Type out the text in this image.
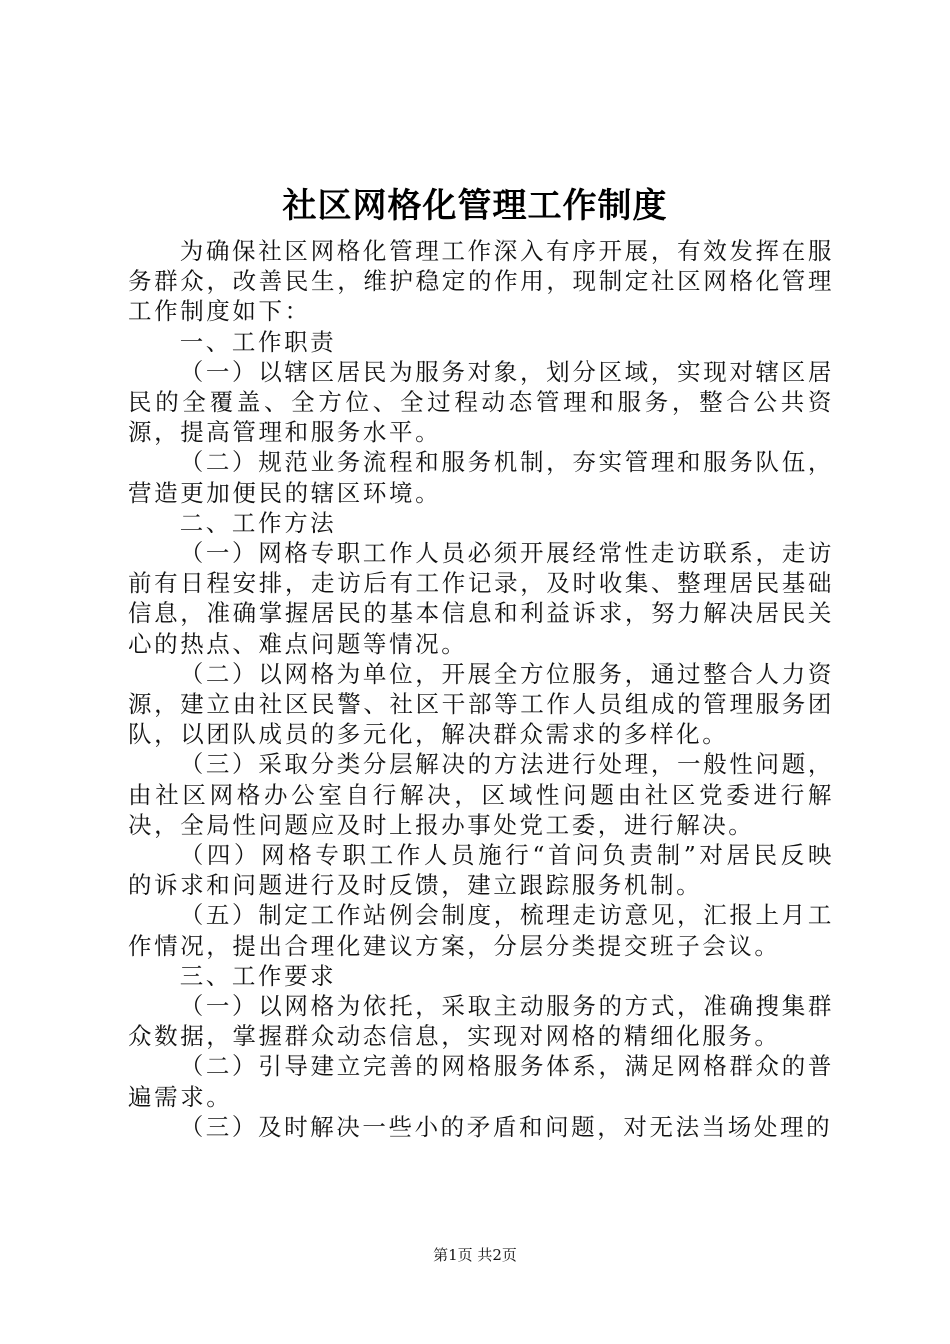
社区网格化管理工作制度

为确保社区网格化管理工作深入有序开展，有效发挥在服务群众，改善民生，维护稳定的作用，现制定社区网格化管理工作制度如下：

一、工作职责

（一）以辖区居民为服务对象，划分区域，实现对辖区居民的全覆盖、全方位、全过程动态管理和服务，整合公共资源，提高管理和服务水平。

（二）规范业务流程和服务机制，夯实管理和服务队伍，营造更加便民的辖区环境。

二、工作方法

（一）网格专职工作人员必须开展经常性走访联系，走访前有日程安排，走访后有工作记录，及时收集、整理居民基础信息，准确掌握居民的基本信息和利益诉求，努力解决居民关心的热点、难点问题等情况。

（二）以网格为单位，开展全方位服务，通过整合人力资源，建立由社区民警、社区干部等工作人员组成的管理服务团队，以团队成员的多元化，解决群众需求的多样化。

（三）采取分类分层解决的方法进行处理，一般性问题，由社区网格办公室自行解决，区域性问题由社区党委进行解决，全局性问题应及时上报办事处党工委，进行解决。

（四）网格专职工作人员施行“首问负责制”对居民反映的诉求和问题进行及时反馈，建立跟踪服务机制。

（五）制定工作站例会制度，梳理走访意见，汇报上月工作情况，提出合理化建议方案，分层分类提交班子会议。

三、工作要求

（一）以网格为依托，采取主动服务的方式，准确搜集群众数据，掌握群众动态信息，实现对网格的精细化服务。

（二）引导建立完善的网格服务体系，满足网格群众的普遍需求。

（三）及时解决一些小的矛盾和问题，对无法当场处理的

第1页 共2页
